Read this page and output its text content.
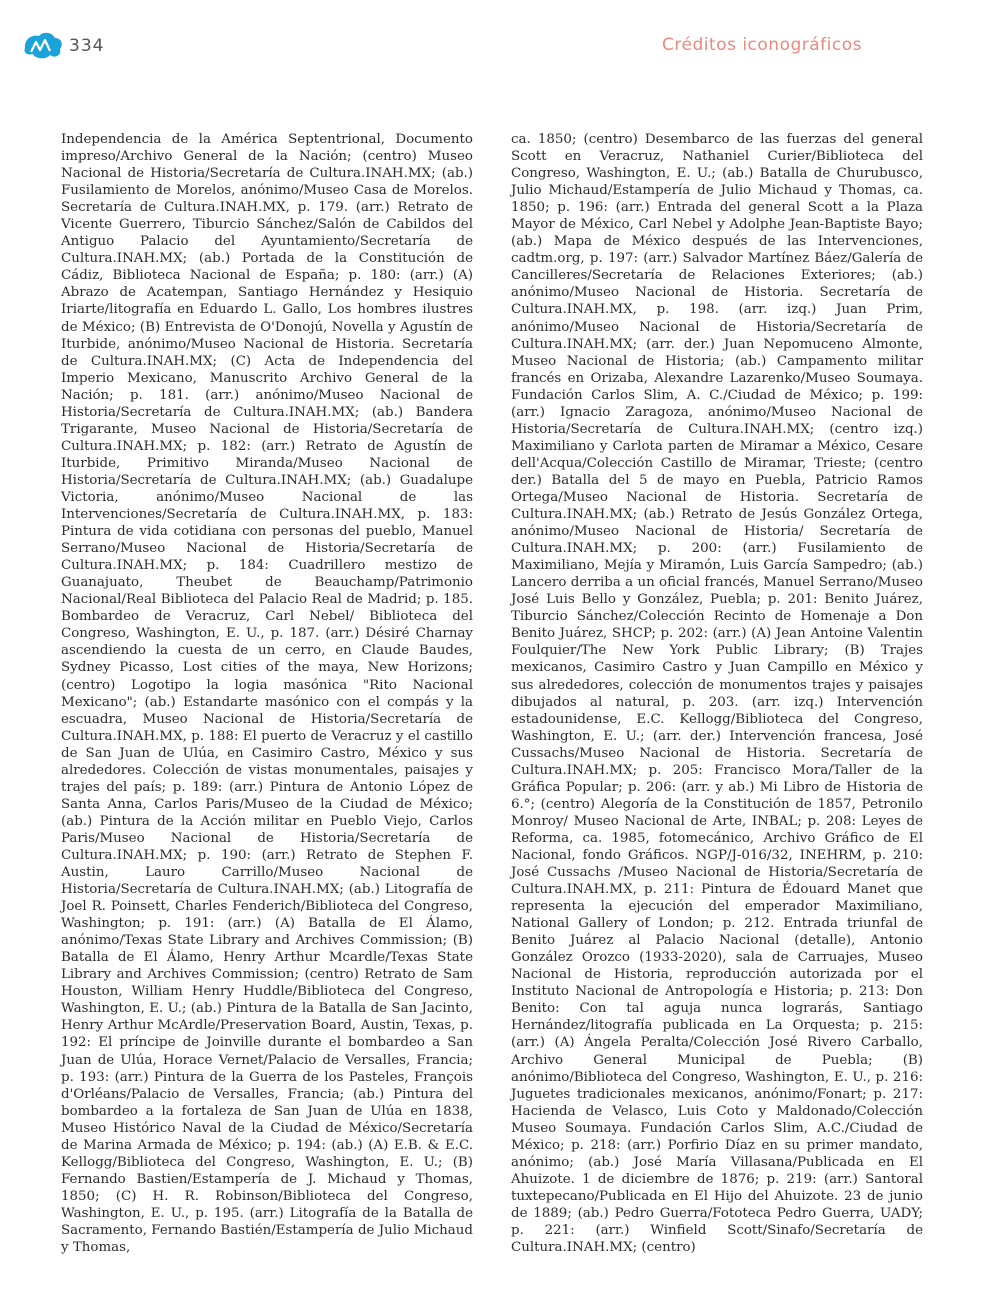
334	Créditos iconográficos

Independencia de la América Septentrional, Documento impreso/Archivo General de la Nación; (centro) Museo Nacional de Historia/Secretaría de Cultura.INAH.MX; (ab.) Fusilamiento de Morelos, anónimo/Museo Casa de Morelos. Secretaría de Cultura.INAH.MX, p. 179. (arr.) Retrato de Vicente Guerrero, Tiburcio Sánchez/Salón de Cabildos del Antiguo Palacio del Ayuntamiento/Secretaría de Cultura.INAH.MX; (ab.) Portada de la Constitución de Cádiz, Biblioteca Nacional de España; p. 180: (arr.) (A) Abrazo de Acatempan, Santiago Hernández y Hesiquio Iriarte/litografía en Eduardo L. Gallo, Los hombres ilustres de México; (B) Entrevista de O'Donojú, Novella y Agustín de Iturbide, anónimo/Museo Nacional de Historia. Secretaría de Cultura.INAH.MX; (C) Acta de Independencia del Imperio Mexicano, Manuscrito Archivo General de la Nación; p. 181. (arr.) anónimo/Museo Nacional de Historia/Secretaría de Cultura.INAH.MX; (ab.) Bandera Trigarante, Museo Nacional de Historia/Secretaría de Cultura.INAH.MX; p. 182: (arr.) Retrato de Agustín de Iturbide, Primitivo Miranda/Museo Nacional de Historia/Secretaría de Cultura.INAH.MX; (ab.) Guadalupe Victoria, anónimo/Museo Nacional de las Intervenciones/Secretaría de Cultura.INAH.MX, p. 183: Pintura de vida cotidiana con personas del pueblo, Manuel Serrano/Museo Nacional de Historia/Secretaría de Cultura.INAH.MX; p. 184: Cuadrillero mestizo de Guanajuato, Theubet de Beauchamp/Patrimonio Nacional/Real Biblioteca del Palacio Real de Madrid; p. 185. Bombardeo de Veracruz, Carl Nebel/ Biblioteca del Congreso, Washington, E. U., p. 187. (arr.) Désiré Charnay ascendiendo la cuesta de un cerro, en Claude Baudes, Sydney Picasso, Lost cities of the maya, New Horizons; (centro) Logotipo la logia masónica "Rito Nacional Mexicano"; (ab.) Estandarte masónico con el compás y la escuadra, Museo Nacional de Historia/Secretaría de Cultura.INAH.MX, p. 188: El puerto de Veracruz y el castillo de San Juan de Ulúa, en Casimiro Castro, México y sus alrededores. Colección de vistas monumentales, paisajes y trajes del país; p. 189: (arr.) Pintura de Antonio López de Santa Anna, Carlos Paris/Museo de la Ciudad de México; (ab.) Pintura de la Acción militar en Pueblo Viejo, Carlos Paris/Museo Nacional de Historia/Secretaría de Cultura.INAH.MX; p. 190: (arr.) Retrato de Stephen F. Austin, Lauro Carrillo/Museo Nacional de Historia/Secretaría de Cultura.INAH.MX; (ab.) Litografía de Joel R. Poinsett, Charles Fenderich/Biblioteca del Congreso, Washington; p. 191: (arr.) (A) Batalla de El Álamo, anónimo/Texas State Library and Archives Commission; (B) Batalla de El Álamo, Henry Arthur Mcardle/Texas State Library and Archives Commission; (centro) Retrato de Sam Houston, William Henry Huddle/Biblioteca del Congreso, Washington, E. U.; (ab.) Pintura de la Batalla de San Jacinto, Henry Arthur McArdle/Preservation Board, Austin, Texas, p. 192: El príncipe de Joinville durante el bombardeo a San Juan de Ulúa, Horace Vernet/Palacio de Versalles, Francia; p. 193: (arr.) Pintura de la Guerra de los Pasteles, François d'Orléans/Palacio de Versalles, Francia; (ab.) Pintura del bombardeo a la fortaleza de San Juan de Ulúa en 1838, Museo Histórico Naval de la Ciudad de México/Secretaría de Marina Armada de México; p. 194: (ab.) (A) E.B. & E.C. Kellogg/Biblioteca del Congreso, Washington, E. U.; (B) Fernando Bastien/Estampería de J. Michaud y Thomas, 1850; (C) H. R. Robinson/Biblioteca del Congreso, Washington, E. U., p. 195. (arr.) Litografía de la Batalla de Sacramento, Fernando Bastién/Estampería de Julio Michaud y Thomas,

ca. 1850; (centro) Desembarco de las fuerzas del general Scott en Veracruz, Nathaniel Curier/Biblioteca del Congreso, Washington, E. U.; (ab.) Batalla de Churubusco, Julio Michaud/Estampería de Julio Michaud y Thomas, ca. 1850; p. 196: (arr.) Entrada del general Scott a la Plaza Mayor de México, Carl Nebel y Adolphe Jean-Baptiste Bayo; (ab.) Mapa de México después de las Intervenciones, cadtm.org, p. 197: (arr.) Salvador Martínez Báez/Galería de Cancilleres/Secretaría de Relaciones Exteriores; (ab.) anónimo/Museo Nacional de Historia. Secretaría de Cultura.INAH.MX, p. 198. (arr. izq.) Juan Prim, anónimo/Museo Nacional de Historia/Secretaría de Cultura.INAH.MX; (arr. der.) Juan Nepomuceno Almonte, Museo Nacional de Historia; (ab.) Campamento militar francés en Orizaba, Alexandre Lazarenko/Museo Soumaya. Fundación Carlos Slim, A. C./Ciudad de México; p. 199: (arr.) Ignacio Zaragoza, anónimo/Museo Nacional de Historia/Secretaría de Cultura.INAH.MX; (centro izq.) Maximiliano y Carlota parten de Miramar a México, Cesare dell'Acqua/Colección Castillo de Miramar, Trieste; (centro der.) Batalla del 5 de mayo en Puebla, Patricio Ramos Ortega/Museo Nacional de Historia. Secretaría de Cultura.INAH.MX; (ab.) Retrato de Jesús González Ortega, anónimo/Museo Nacional de Historia/ Secretaría de Cultura.INAH.MX; p. 200: (arr.) Fusilamiento de Maximiliano, Mejía y Miramón, Luis García Sampedro; (ab.) Lancero derriba a un oficial francés, Manuel Serrano/Museo José Luis Bello y González, Puebla; p. 201: Benito Juárez, Tiburcio Sánchez/Colección Recinto de Homenaje a Don Benito Juárez, SHCP; p. 202: (arr.) (A) Jean Antoine Valentin Foulquier/The New York Public Library; (B) Trajes mexicanos, Casimiro Castro y Juan Campillo en México y sus alrededores, colección de monumentos trajes y paisajes dibujados al natural, p. 203. (arr. izq.) Intervención estadounidense, E.C. Kellogg/Biblioteca del Congreso, Washington, E. U.; (arr. der.) Intervención francesa, José Cussachs/Museo Nacional de Historia. Secretaría de Cultura.INAH.MX; p. 205: Francisco Mora/Taller de la Gráfica Popular; p. 206: (arr. y ab.) Mi Libro de Historia de 6.°; (centro) Alegoría de la Constitución de 1857, Petronilo Monroy/ Museo Nacional de Arte, INBAL; p. 208: Leyes de Reforma, ca. 1985, fotomecánico, Archivo Gráfico de El Nacional, fondo Gráficos. NGP/J-016/32, INEHRM, p. 210: José Cussachs /Museo Nacional de Historia/Secretaría de Cultura.INAH.MX, p. 211: Pintura de Édouard Manet que representa la ejecución del emperador Maximiliano, National Gallery of London; p. 212. Entrada triunfal de Benito Juárez al Palacio Nacional (detalle), Antonio González Orozco (1933-2020), sala de Carruajes, Museo Nacional de Historia, reproducción autorizada por el Instituto Nacional de Antropología e Historia; p. 213: Don Benito: Con tal aguja nunca lograrás, Santiago Hernández/litografía publicada en La Orquesta; p. 215: (arr.) (A) Ángela Peralta/Colección José Rivero Carballo, Archivo General Municipal de Puebla; (B) anónimo/Biblioteca del Congreso, Washington, E. U., p. 216: Juguetes tradicionales mexicanos, anónimo/Fonart; p. 217: Hacienda de Velasco, Luis Coto y Maldonado/Colección Museo Soumaya. Fundación Carlos Slim, A.C./Ciudad de México; p. 218: (arr.) Porfirio Díaz en su primer mandato, anónimo; (ab.) José María Villasana/Publicada en El Ahuizote. 1 de diciembre de 1876; p. 219: (arr.) Santoral tuxtepecano/Publicada en El Hijo del Ahuizote. 23 de junio de 1889; (ab.) Pedro Guerra/Fototeca Pedro Guerra, UADY; p. 221: (arr.) Winfield Scott/Sinafo/Secretaría de Cultura.INAH.MX; (centro)
